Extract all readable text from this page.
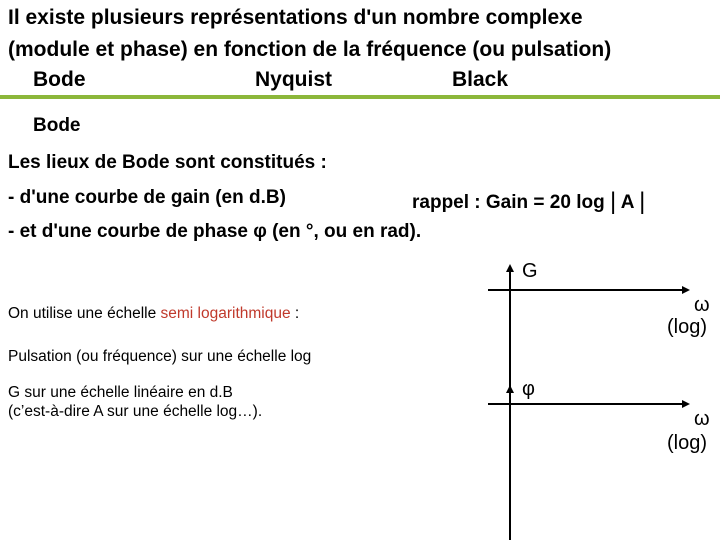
Il existe plusieurs représentations d'un nombre complexe
(module et phase) en fonction de la fréquence (ou pulsation)
Bode	Nyquist	Black
Bode
Les lieux de Bode sont constitués :
- d'une courbe de gain (en d.B)	rappel : Gain = 20 log | A |
- et d'une courbe de phase φ (en °, ou en rad).
On utilise une échelle semi logarithmique :
Pulsation (ou fréquence) sur une échelle log
G sur une échelle linéaire en d.B
(c’est-à-dire A sur une échelle log…).
G
ω
(log)
φ
ω
(log)
